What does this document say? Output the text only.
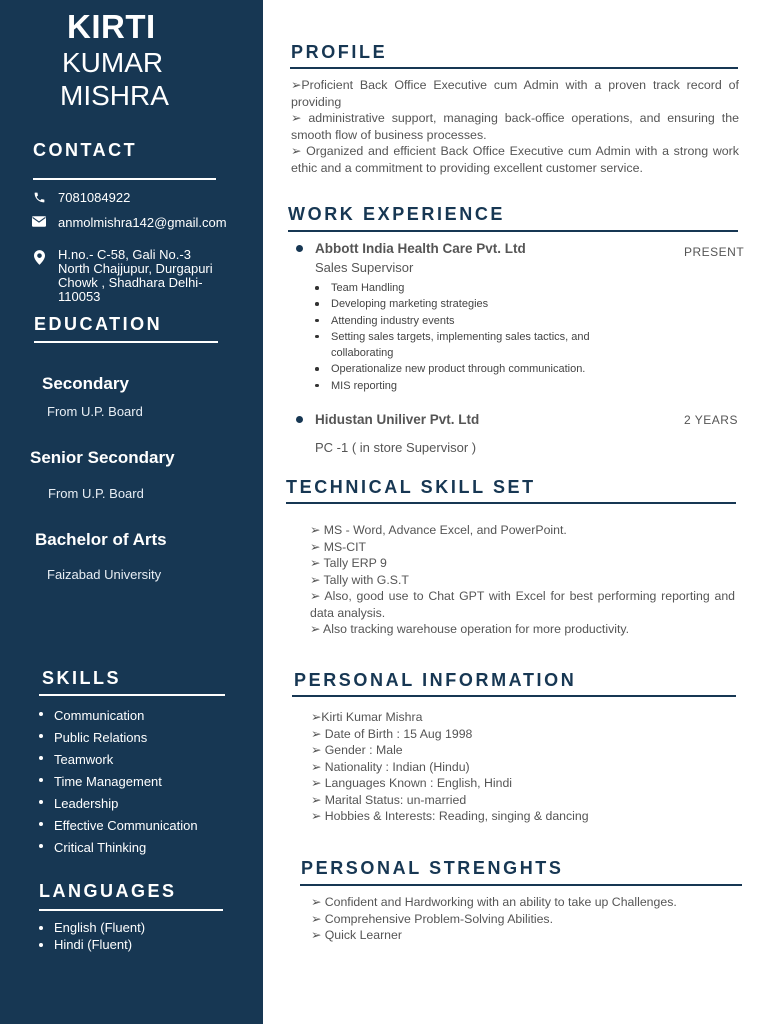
KIRTI
KUMAR
MISHRA
CONTACT
7081084922
anmolmishra142@gmail.com
H.no.- C-58, Gali No.-3
North Chajjupur, Durgapuri
Chowk , Shadhara Delhi-
110053
EDUCATION
Secondary
From U.P. Board
Senior Secondary
From U.P. Board
Bachelor of Arts
Faizabad University
SKILLS
Communication
Public Relations
Teamwork
Time Management
Leadership
Effective Communication
Critical Thinking
LANGUAGES
English (Fluent)
Hindi (Fluent)
PROFILE
➢Proficient Back Office Executive cum Admin with a proven track record of providing
➢ administrative support, managing back-office operations, and ensuring the smooth flow of business processes.
➢ Organized and efficient Back Office Executive cum Admin with a strong work ethic and a commitment to providing excellent customer service.
WORK EXPERIENCE
Abbott India Health Care Pvt. Ltd	PRESENT
Sales Supervisor
Team Handling
Developing marketing strategies
Attending industry events
Setting sales targets, implementing sales tactics, and collaborating
Operationalize new product through communication.
MIS reporting
Hidustan Uniliver Pvt. Ltd	2 YEARS
PC -1 ( in store Supervisor )
TECHNICAL SKILL SET
➢ MS - Word, Advance Excel, and PowerPoint.
➢ MS-CIT
➢ Tally ERP 9
➢ Tally with G.S.T
➢ Also, good use to Chat GPT with Excel for best performing reporting and data analysis.
➢ Also tracking warehouse operation for more productivity.
PERSONAL INFORMATION
➢Kirti Kumar Mishra
➢ Date of Birth : 15 Aug 1998
➢ Gender : Male
➢ Nationality : Indian (Hindu)
➢ Languages Known : English, Hindi
➢ Marital Status: un-married
➢ Hobbies & Interests: Reading, singing & dancing
PERSONAL STRENGHTS
➢ Confident and Hardworking with an ability to take up Challenges.
➢ Comprehensive Problem-Solving Abilities.
➢ Quick Learner
